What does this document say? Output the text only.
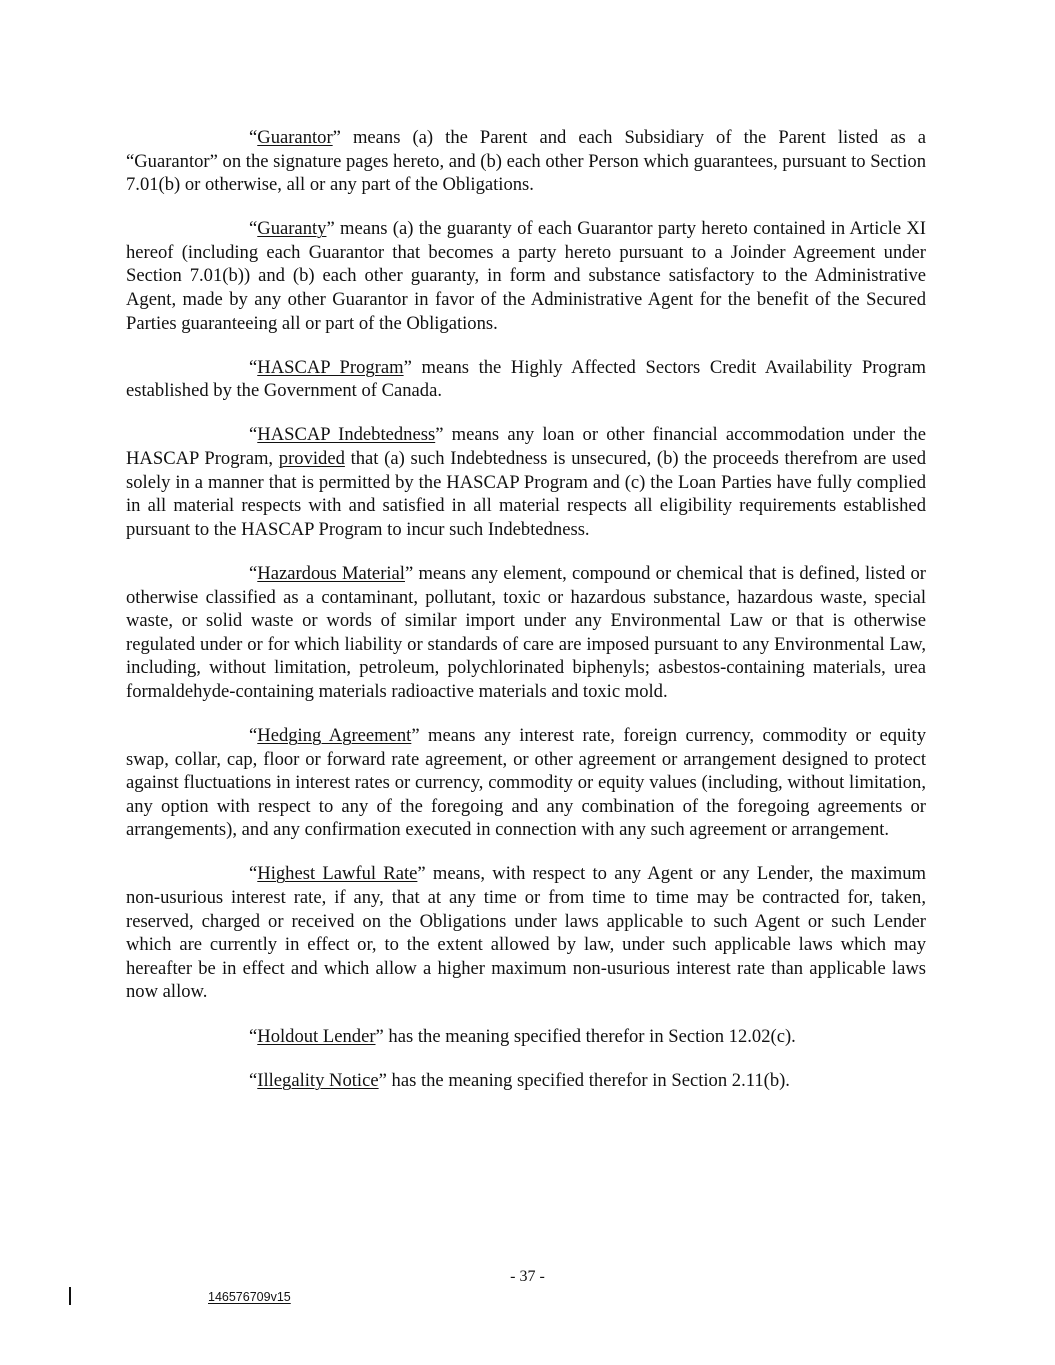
“Guarantor” means (a) the Parent and each Subsidiary of the Parent listed as a “Guarantor” on the signature pages hereto, and (b) each other Person which guarantees, pursuant to Section 7.01(b) or otherwise, all or any part of the Obligations.

“Guaranty” means (a) the guaranty of each Guarantor party hereto contained in Article XI hereof (including each Guarantor that becomes a party hereto pursuant to a Joinder Agreement under Section 7.01(b)) and (b) each other guaranty, in form and substance satisfactory to the Administrative Agent, made by any other Guarantor in favor of the Administrative Agent for the benefit of the Secured Parties guaranteeing all or part of the Obligations.

“HASCAP Program” means the Highly Affected Sectors Credit Availability Program established by the Government of Canada.

“HASCAP Indebtedness” means any loan or other financial accommodation under the HASCAP Program, provided that (a) such Indebtedness is unsecured, (b) the proceeds therefrom are used solely in a manner that is permitted by the HASCAP Program and (c) the Loan Parties have fully complied in all material respects with and satisfied in all material respects all eligibility requirements established pursuant to the HASCAP Program to incur such Indebtedness.

“Hazardous Material” means any element, compound or chemical that is defined, listed or otherwise classified as a contaminant, pollutant, toxic or hazardous substance, hazardous waste, special waste, or solid waste or words of similar import under any Environmental Law or that is otherwise regulated under or for which liability or standards of care are imposed pursuant to any Environmental Law, including, without limitation, petroleum, polychlorinated biphenyls; asbestos-containing materials, urea formaldehyde-containing materials radioactive materials and toxic mold.

“Hedging Agreement” means any interest rate, foreign currency, commodity or equity swap, collar, cap, floor or forward rate agreement, or other agreement or arrangement designed to protect against fluctuations in interest rates or currency, commodity or equity values (including, without limitation, any option with respect to any of the foregoing and any combination of the foregoing agreements or arrangements), and any confirmation executed in connection with any such agreement or arrangement.

“Highest Lawful Rate” means, with respect to any Agent or any Lender, the maximum non-usurious interest rate, if any, that at any time or from time to time may be contracted for, taken, reserved, charged or received on the Obligations under laws applicable to such Agent or such Lender which are currently in effect or, to the extent allowed by law, under such applicable laws which may hereafter be in effect and which allow a higher maximum non-usurious interest rate than applicable laws now allow.

“Holdout Lender” has the meaning specified therefor in Section 12.02(c).

“Illegality Notice” has the meaning specified therefor in Section 2.11(b).

- 37 -
146576709v15
